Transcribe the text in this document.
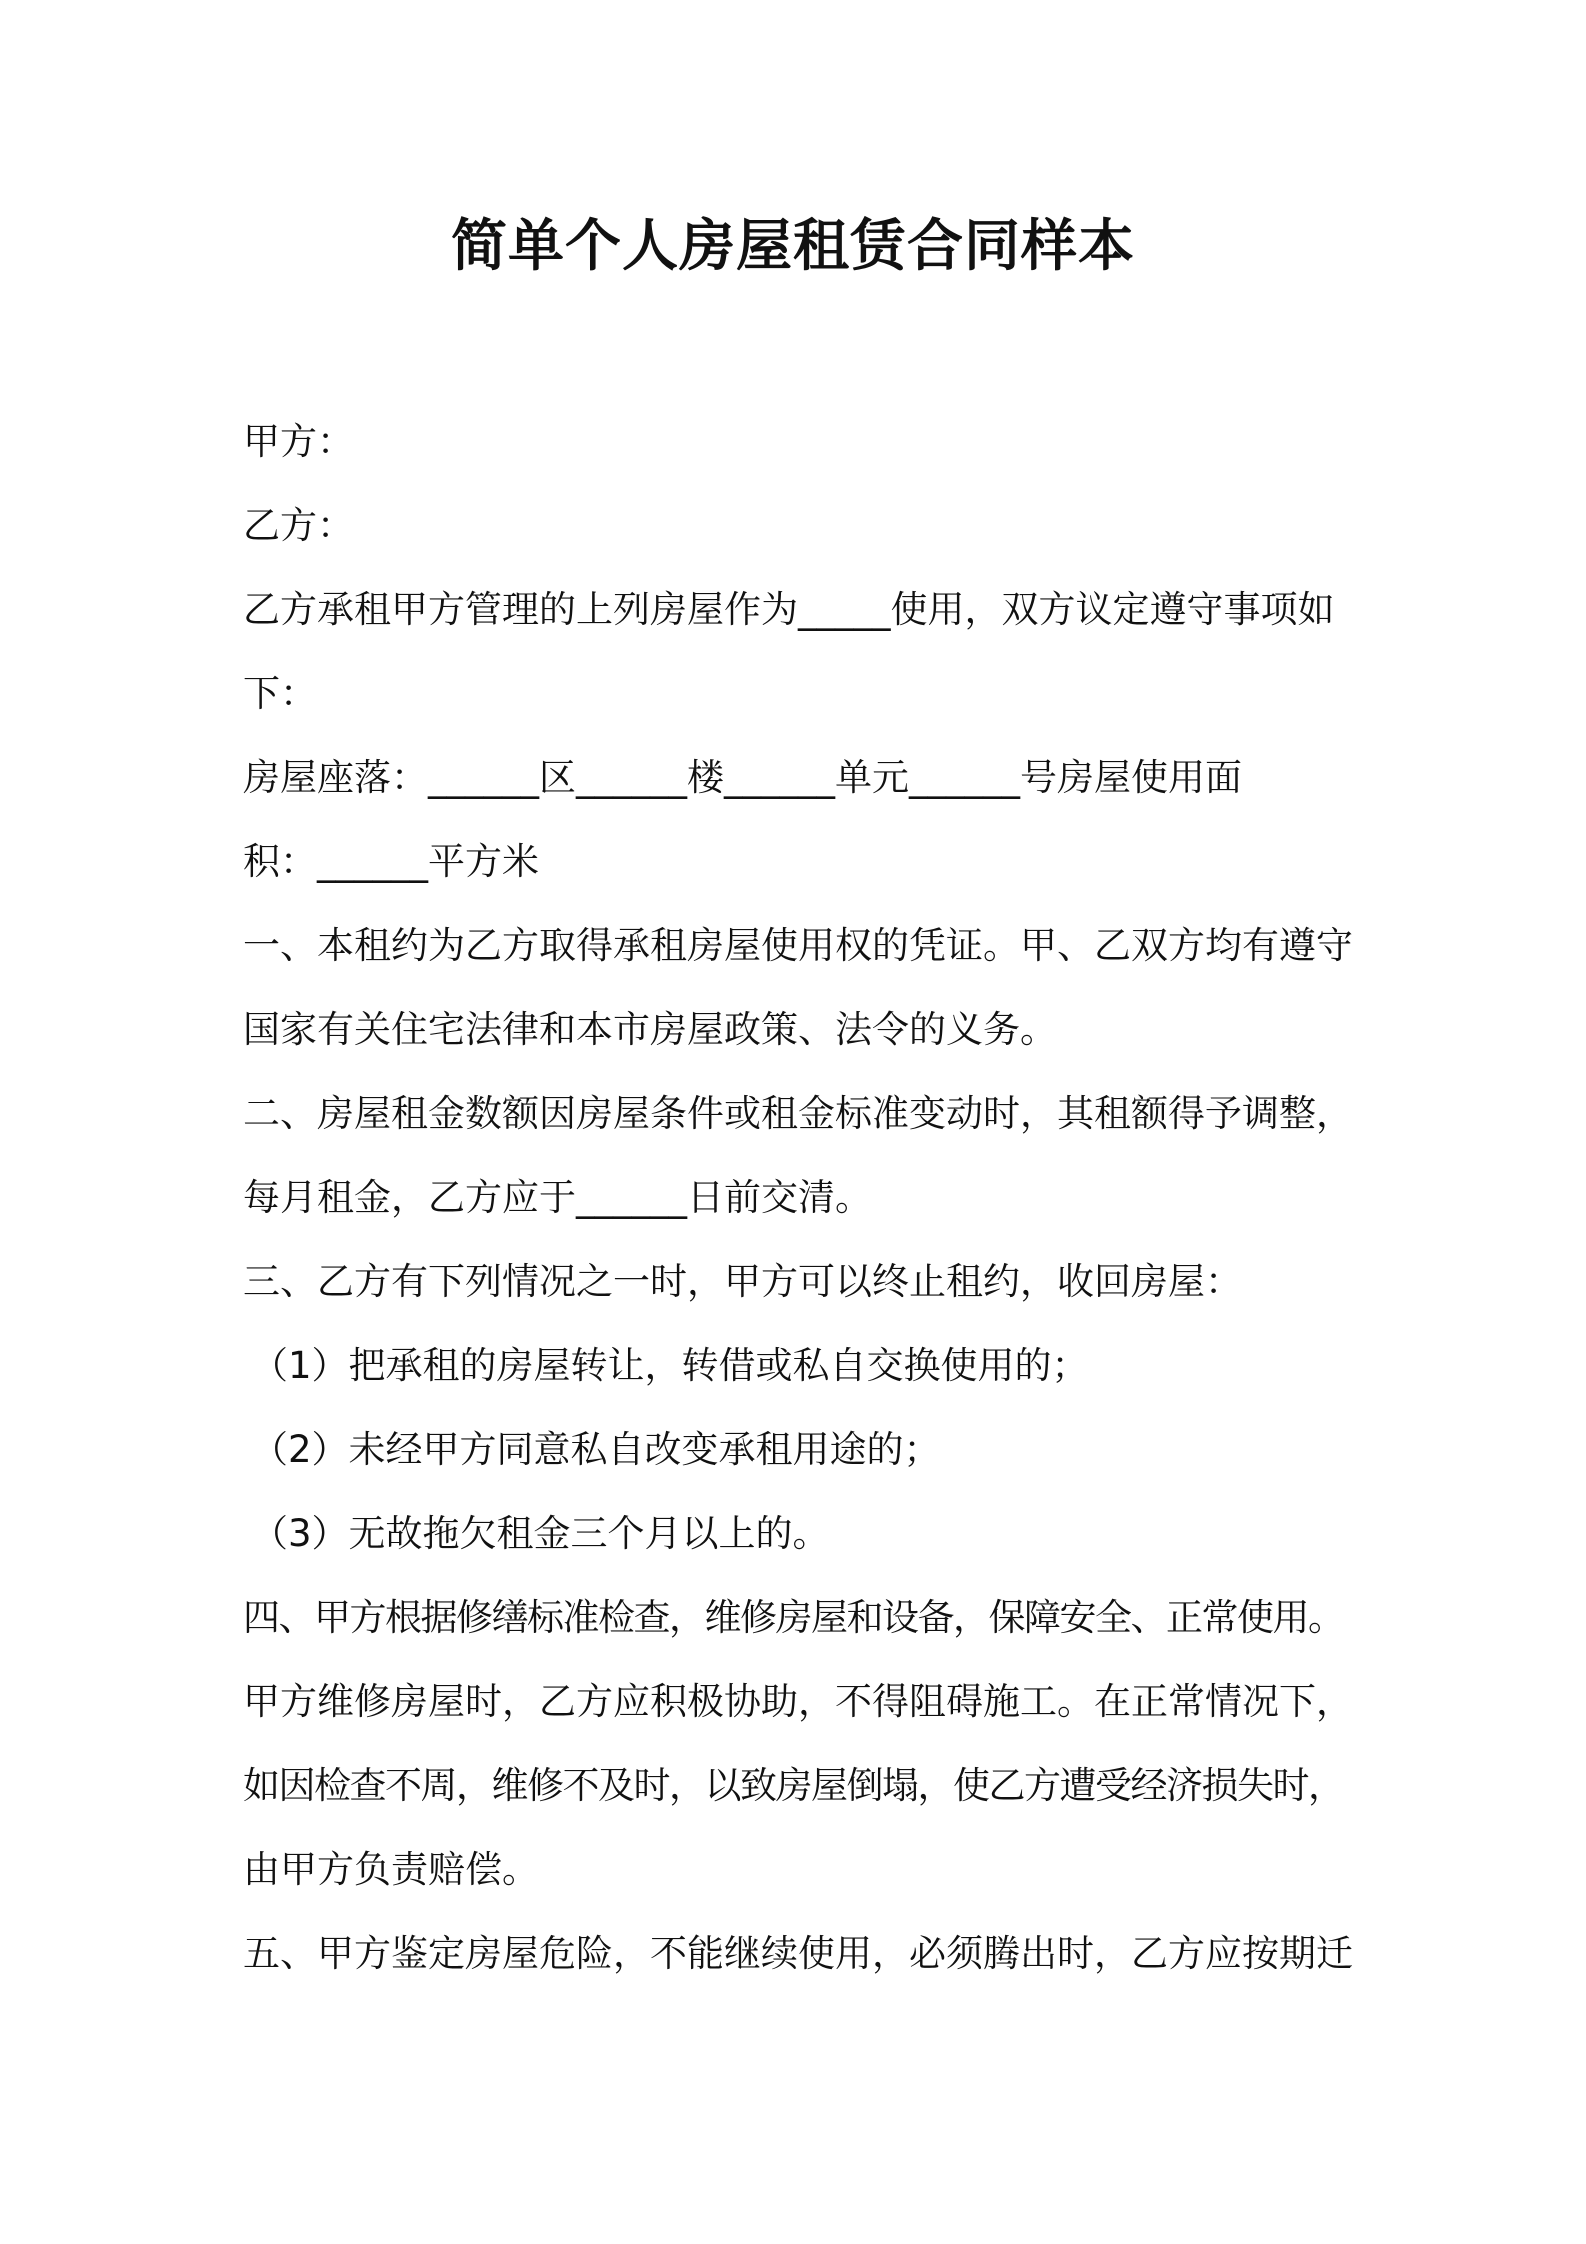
简单个人房屋租赁合同样本
甲方：
乙方：
乙方承租甲方管理的上列房屋作为_____使用，双方议定遵守事项如
下：
房屋座落：______区______楼______单元______号房屋使用面
积：______平方米
一、本租约为乙方取得承租房屋使用权的凭证。甲、乙双方均有遵守
国家有关住宅法律和本市房屋政策、法令的义务。
二、房屋租金数额因房屋条件或租金标准变动时，其租额得予调整，
每月租金，乙方应于______日前交清。
三、乙方有下列情况之一时，甲方可以终止租约，收回房屋：
（1）把承租的房屋转让，转借或私自交换使用的；
（2）未经甲方同意私自改变承租用途的；
（3）无故拖欠租金三个月以上的。
四、甲方根据修缮标准检查，维修房屋和设备，保障安全、正常使用。
甲方维修房屋时，乙方应积极协助，不得阻碍施工。在正常情况下，
如因检查不周，维修不及时，以致房屋倒塌，使乙方遭受经济损失时，
由甲方负责赔偿。
五、甲方鉴定房屋危险，不能继续使用，必须腾出时，乙方应按期迁
